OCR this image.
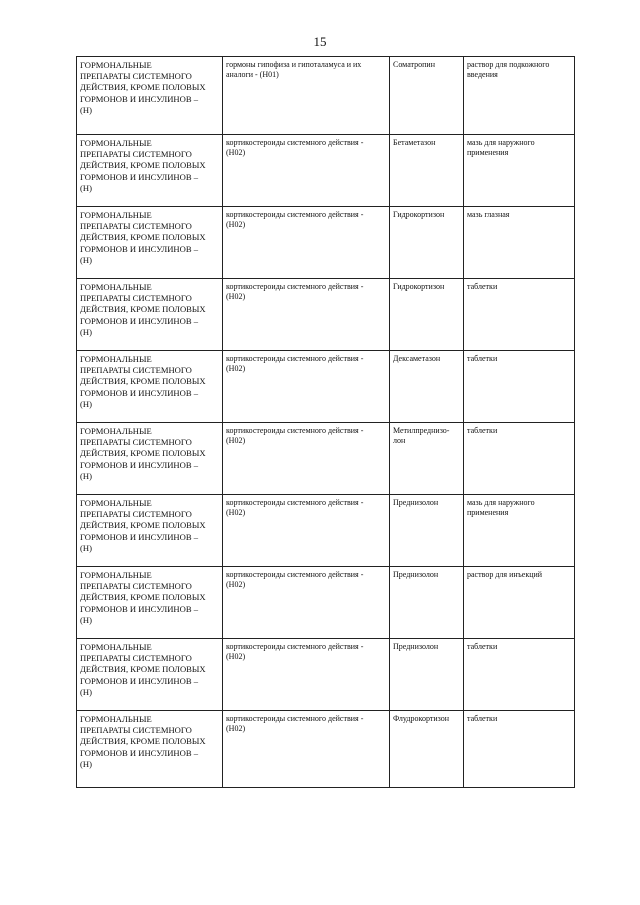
15
ГОРМОНАЛЬНЫЕ
ПРЕПАРАТЫ СИСТЕМНОГО
ДЕЙСТВИЯ, КРОМЕ ПОЛОВЫХ
ГОРМОНОВ И ИНСУЛИНОВ –
(H)	гормоны гипофиза и гипоталамуса и их
аналоги - (H01)	Соматропин	раствор для подкожного
введения
ГОРМОНАЛЬНЫЕ
ПРЕПАРАТЫ СИСТЕМНОГО
ДЕЙСТВИЯ, КРОМЕ ПОЛОВЫХ
ГОРМОНОВ И ИНСУЛИНОВ –
(H)	кортикостероиды системного действия -
(H02)	Бетаметазон	мазь для наружного
применения
ГОРМОНАЛЬНЫЕ
ПРЕПАРАТЫ СИСТЕМНОГО
ДЕЙСТВИЯ, КРОМЕ ПОЛОВЫХ
ГОРМОНОВ И ИНСУЛИНОВ –
(H)	кортикостероиды системного действия -
(H02)	Гидрокортизон	мазь глазная
ГОРМОНАЛЬНЫЕ
ПРЕПАРАТЫ СИСТЕМНОГО
ДЕЙСТВИЯ, КРОМЕ ПОЛОВЫХ
ГОРМОНОВ И ИНСУЛИНОВ –
(H)	кортикостероиды системного действия -
(H02)	Гидрокортизон	таблетки
ГОРМОНАЛЬНЫЕ
ПРЕПАРАТЫ СИСТЕМНОГО
ДЕЙСТВИЯ, КРОМЕ ПОЛОВЫХ
ГОРМОНОВ И ИНСУЛИНОВ –
(H)	кортикостероиды системного действия -
(H02)	Дексаметазон	таблетки
ГОРМОНАЛЬНЫЕ
ПРЕПАРАТЫ СИСТЕМНОГО
ДЕЙСТВИЯ, КРОМЕ ПОЛОВЫХ
ГОРМОНОВ И ИНСУЛИНОВ –
(H)	кортикостероиды системного действия -
(H02)	Метилпреднизо-
лон	таблетки
ГОРМОНАЛЬНЫЕ
ПРЕПАРАТЫ СИСТЕМНОГО
ДЕЙСТВИЯ, КРОМЕ ПОЛОВЫХ
ГОРМОНОВ И ИНСУЛИНОВ –
(H)	кортикостероиды системного действия -
(H02)	Преднизолон	мазь для наружного
применения
ГОРМОНАЛЬНЫЕ
ПРЕПАРАТЫ СИСТЕМНОГО
ДЕЙСТВИЯ, КРОМЕ ПОЛОВЫХ
ГОРМОНОВ И ИНСУЛИНОВ –
(H)	кортикостероиды системного действия -
(H02)	Преднизолон	раствор для инъекций
ГОРМОНАЛЬНЫЕ
ПРЕПАРАТЫ СИСТЕМНОГО
ДЕЙСТВИЯ, КРОМЕ ПОЛОВЫХ
ГОРМОНОВ И ИНСУЛИНОВ –
(H)	кортикостероиды системного действия -
(H02)	Преднизолон	таблетки
ГОРМОНАЛЬНЫЕ
ПРЕПАРАТЫ СИСТЕМНОГО
ДЕЙСТВИЯ, КРОМЕ ПОЛОВЫХ
ГОРМОНОВ И ИНСУЛИНОВ –
(H)	кортикостероиды системного действия -
(H02)	Флудрокортизон	таблетки
